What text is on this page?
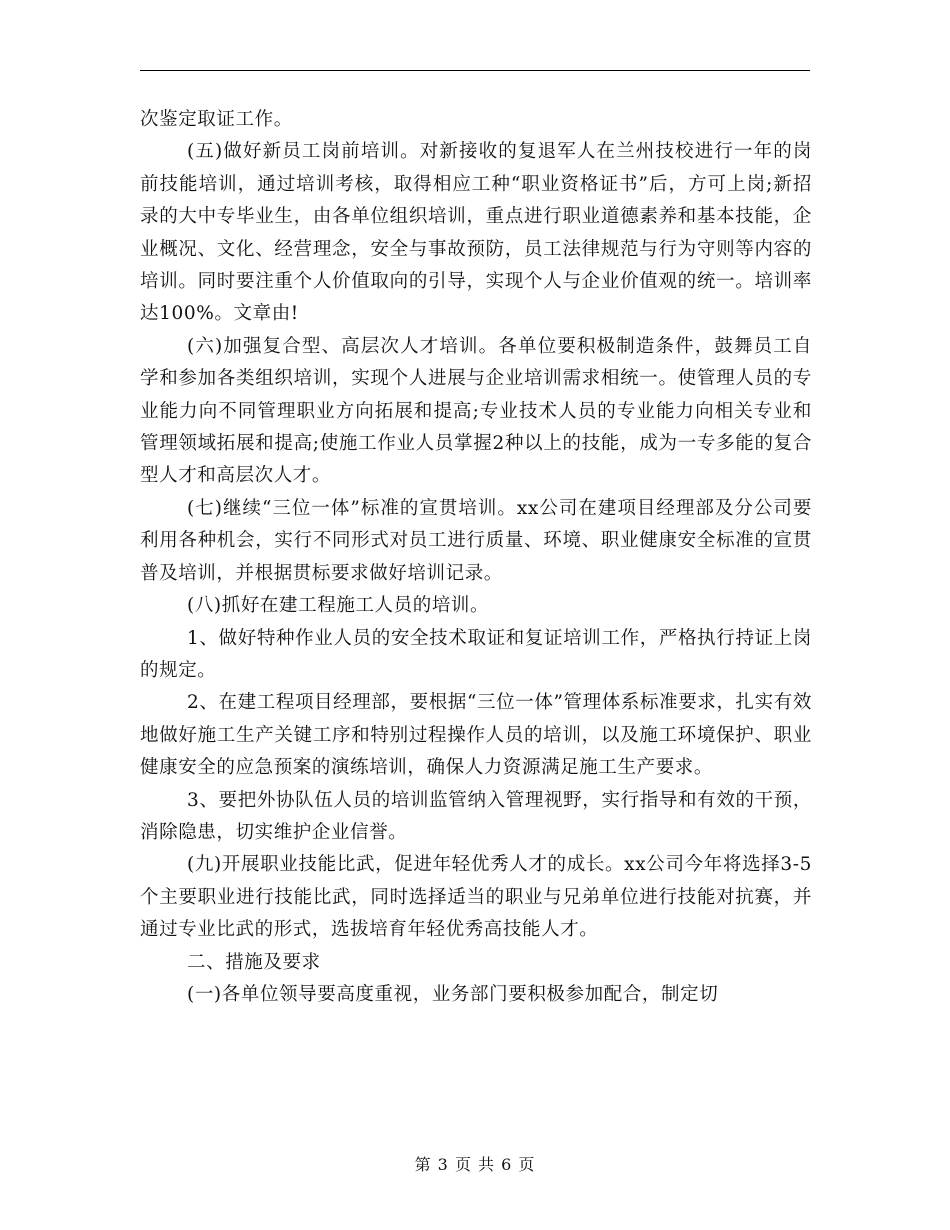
次鉴定取证工作。

(五)做好新员工岗前培训。对新接收的复退军人在兰州技校进行一年的岗前技能培训，通过培训考核，取得相应工种“职业资格证书”后，方可上岗;新招录的大中专毕业生，由各单位组织培训，重点进行职业道德素养和基本技能，企业概况、文化、经营理念，安全与事故预防，员工法律规范与行为守则等内容的培训。同时要注重个人价值取向的引导，实现个人与企业价值观的统一。培训率达100%。文章由!

(六)加强复合型、高层次人才培训。各单位要积极制造条件，鼓舞员工自学和参加各类组织培训，实现个人进展与企业培训需求相统一。使管理人员的专业能力向不同管理职业方向拓展和提高;专业技术人员的专业能力向相关专业和管理领域拓展和提高;使施工作业人员掌握2种以上的技能，成为一专多能的复合型人才和高层次人才。

(七)继续“三位一体”标准的宣贯培训。xx公司在建项目经理部及分公司要利用各种机会，实行不同形式对员工进行质量、环境、职业健康安全标准的宣贯普及培训，并根据贯标要求做好培训记录。

(八)抓好在建工程施工人员的培训。

1、做好特种作业人员的安全技术取证和复证培训工作，严格执行持证上岗的规定。

2、在建工程项目经理部，要根据“三位一体”管理体系标准要求，扎实有效地做好施工生产关键工序和特别过程操作人员的培训，以及施工环境保护、职业健康安全的应急预案的演练培训，确保人力资源满足施工生产要求。

3、要把外协队伍人员的培训监管纳入管理视野，实行指导和有效的干预，消除隐患，切实维护企业信誉。

(九)开展职业技能比武，促进年轻优秀人才的成长。xx公司今年将选择3-5个主要职业进行技能比武，同时选择适当的职业与兄弟单位进行技能对抗赛，并通过专业比武的形式，选拔培育年轻优秀高技能人才。

二、措施及要求

(一)各单位领导要高度重视，业务部门要积极参加配合，制定切

第 3 页 共 6 页
